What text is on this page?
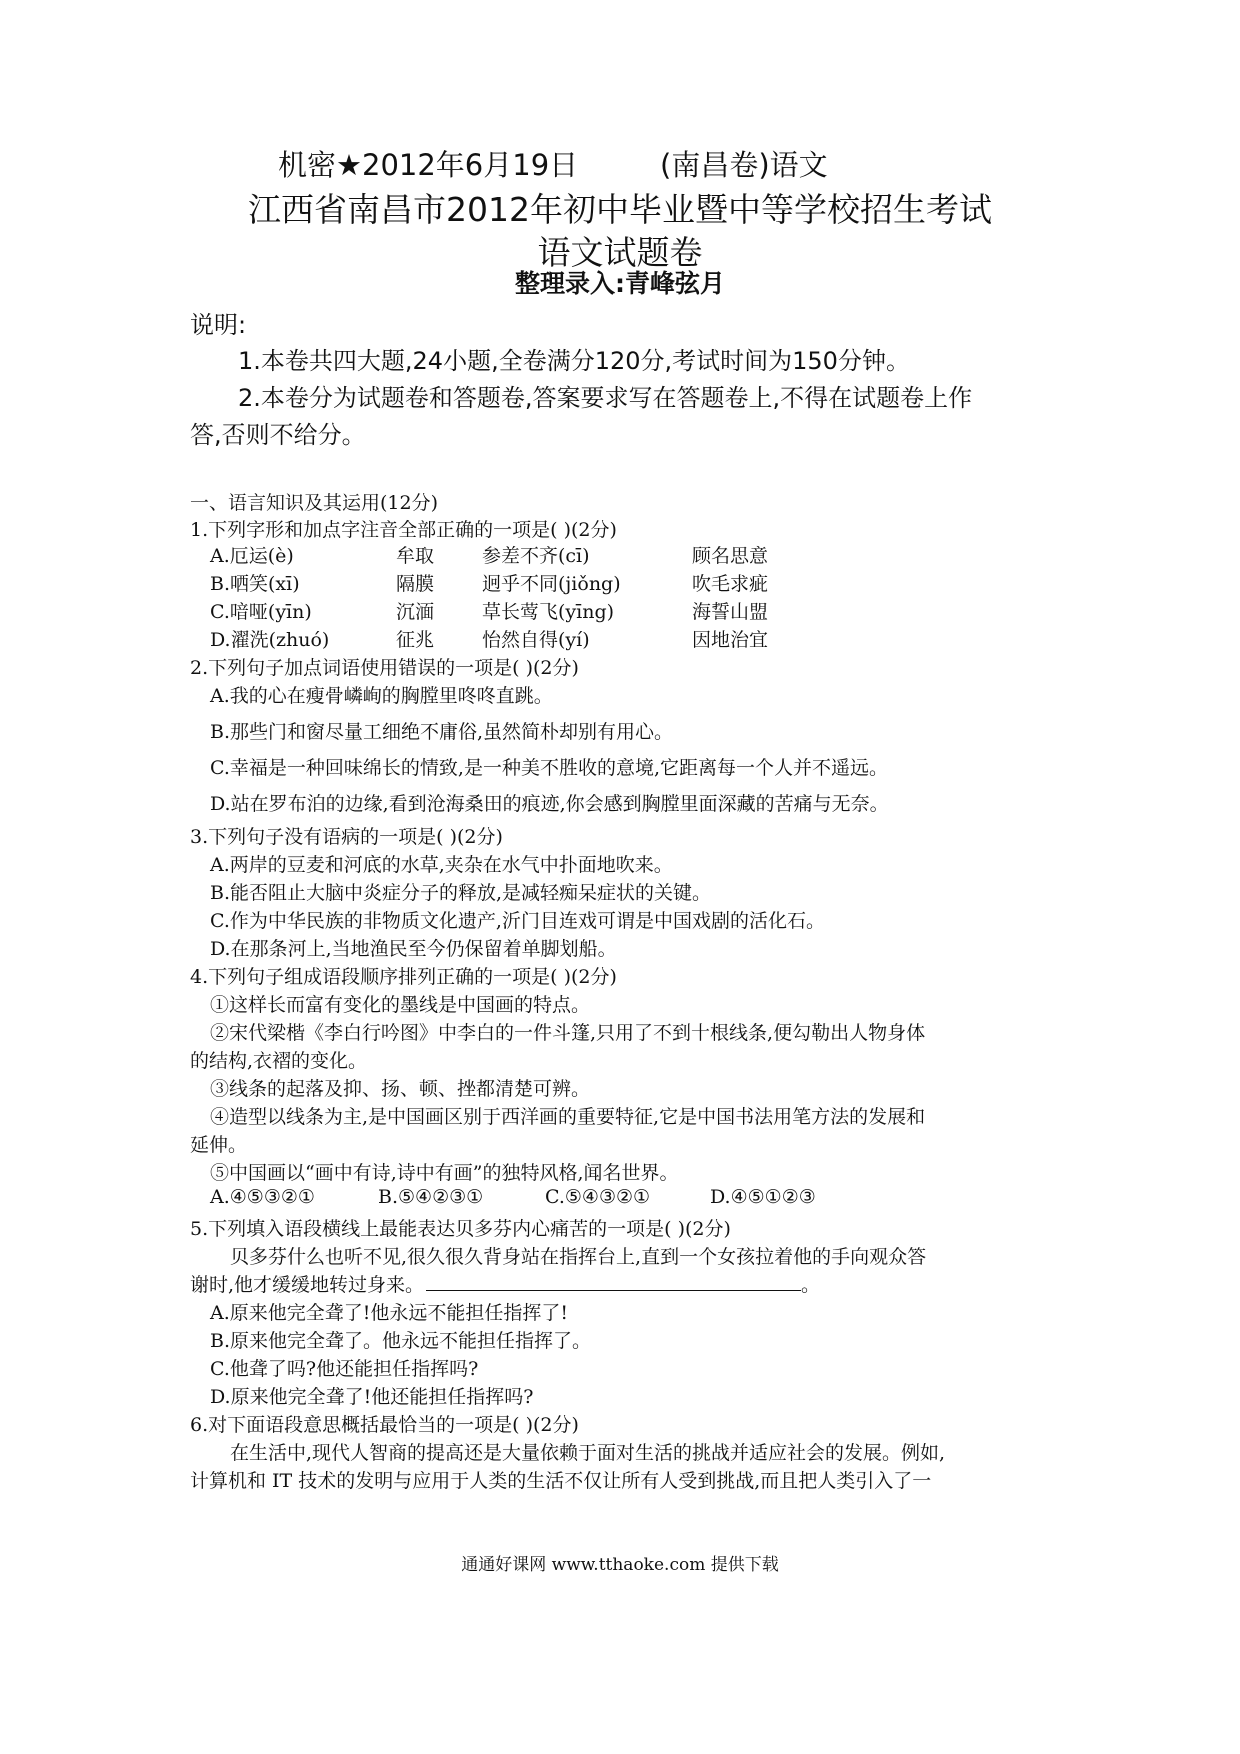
机密★2012年6月19日	(南昌卷)语文
江西省南昌市2012年初中毕业暨中等学校招生考试
语文试题卷
整理录入:青峰弦月
说明:
1.本卷共四大题,24小题,全卷满分120分,考试时间为150分钟。
2.本卷分为试题卷和答题卷,答案要求写在答题卷上,不得在试题卷上作
答,否则不给分。
一、语言知识及其运用(12分)
1.下列字形和加点字注音全部正确的一项是( )(2分)
A.厄运(è)	牟取	参差不齐(cī)	顾名思意
B.哂笑(xī)	隔膜	迥乎不同(jiǒng)	吹毛求疵
C.喑哑(yīn)	沉湎	草长莺飞(yīng)	海誓山盟
D.濯洗(zhuó)	征兆	怡然自得(yí)	因地治宜
2.下列句子加点词语使用错误的一项是( )(2分)
A.我的心在瘦骨嶙峋的胸膛里咚咚直跳。
B.那些门和窗尽量工细绝不庸俗,虽然简朴却别有用心。
C.幸福是一种回味绵长的情致,是一种美不胜收的意境,它距离每一个人并不遥远。
D.站在罗布泊的边缘,看到沧海桑田的痕迹,你会感到胸膛里面深藏的苦痛与无奈。
3.下列句子没有语病的一项是( )(2分)
A.两岸的豆麦和河底的水草,夹杂在水气中扑面地吹来。
B.能否阻止大脑中炎症分子的释放,是减轻痴呆症状的关键。
C.作为中华民族的非物质文化遗产,沂门目连戏可谓是中国戏剧的活化石。
D.在那条河上,当地渔民至今仍保留着单脚划船。
4.下列句子组成语段顺序排列正确的一项是( )(2分)
①这样长而富有变化的墨线是中国画的特点。
②宋代梁楷《李白行吟图》中李白的一件斗篷,只用了不到十根线条,便勾勒出人物身体
的结构,衣褶的变化。
③线条的起落及抑、扬、顿、挫都清楚可辨。
④造型以线条为主,是中国画区别于西洋画的重要特征,它是中国书法用笔方法的发展和
延伸。
⑤中国画以“画中有诗,诗中有画”的独特风格,闻名世界。
A.④⑤③②①	B.⑤④②③①	C.⑤④③②①	D.④⑤①②③
5.下列填入语段横线上最能表达贝多芬内心痛苦的一项是( )(2分)
贝多芬什么也听不见,很久很久背身站在指挥台上,直到一个女孩拉着他的手向观众答
谢时,他才缓缓地转过身来。	。
A.原来他完全聋了!他永远不能担任指挥了!
B.原来他完全聋了。他永远不能担任指挥了。
C.他聋了吗?他还能担任指挥吗?
D.原来他完全聋了!他还能担任指挥吗?
6.对下面语段意思概括最恰当的一项是( )(2分)
在生活中,现代人智商的提高还是大量依赖于面对生活的挑战并适应社会的发展。例如,
计算机和 IT 技术的发明与应用于人类的生活不仅让所有人受到挑战,而且把人类引入了一
通通好课网 www.tthaoke.com 提供下载
